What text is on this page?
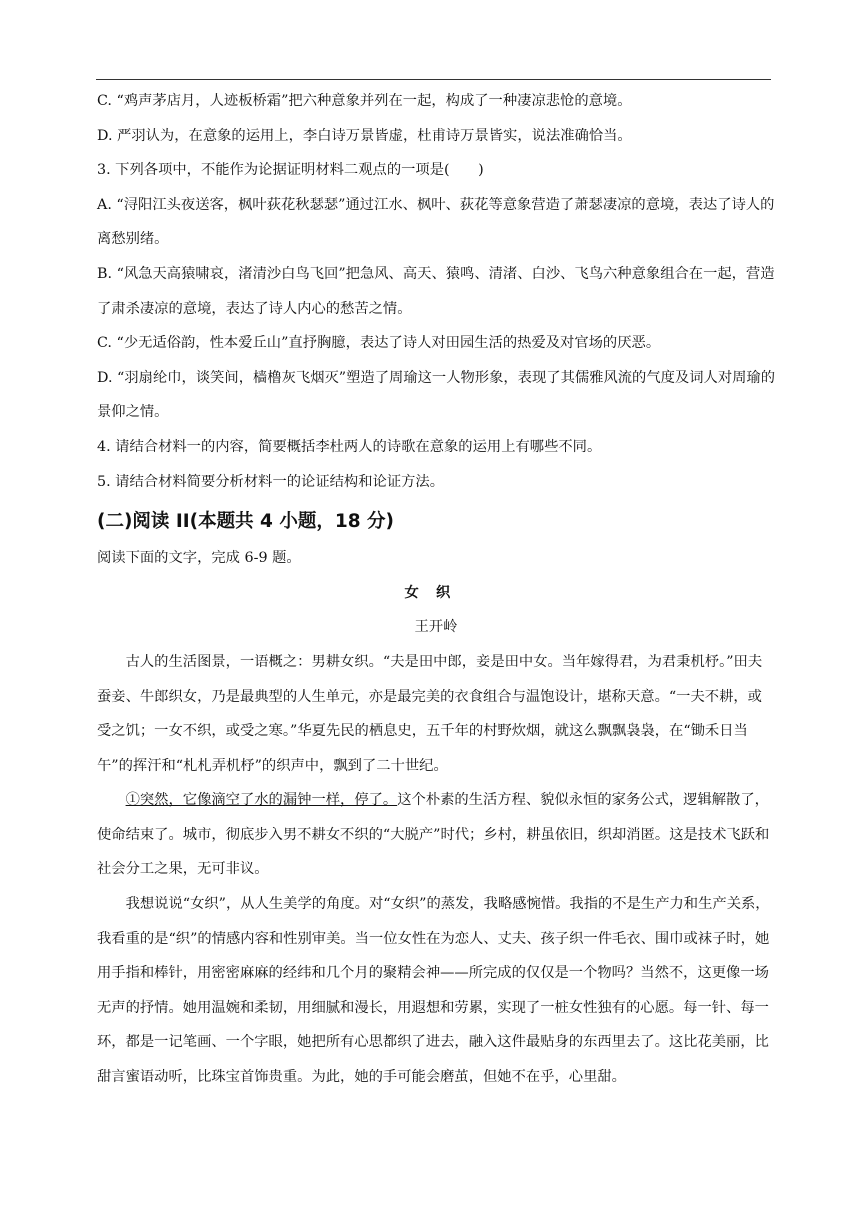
C. “鸡声茅店月，人迹板桥霜”把六种意象并列在一起，构成了一种凄凉悲怆的意境。

D. 严羽认为，在意象的运用上，李白诗万景皆虚，杜甫诗万景皆实，说法准确恰当。

3. 下列各项中，不能作为论据证明材料二观点的一项是(　　)

A. “浔阳江头夜送客，枫叶荻花秋瑟瑟”通过江水、枫叶、荻花等意象营造了萧瑟凄凉的意境，表达了诗人的离愁别绪。

B. “风急天高猿啸哀，渚清沙白鸟飞回”把急风、高天、猿鸣、清渚、白沙、飞鸟六种意象组合在一起，营造了肃杀凄凉的意境，表达了诗人内心的愁苦之情。

C. “少无适俗韵，性本爱丘山”直抒胸臆，表达了诗人对田园生活的热爱及对官场的厌恶。

D. “羽扇纶巾，谈笑间，樯橹灰飞烟灭”塑造了周瑜这一人物形象，表现了其儒雅风流的气度及词人对周瑜的景仰之情。

4. 请结合材料一的内容，简要概括李杜两人的诗歌在意象的运用上有哪些不同。

5. 请结合材料简要分析材料一的论证结构和论证方法。

(二)阅读 II(本题共 4 小题，18 分)

阅读下面的文字，完成 6-9 题。

女织

王开岭

古人的生活图景，一语概之：男耕女织。“夫是田中郎，妾是田中女。当年嫁得君，为君秉机杼。”田夫蚕妾、牛郎织女，乃是最典型的人生单元，亦是最完美的衣食组合与温饱设计，堪称天意。“一夫不耕，或受之饥；一女不织，或受之寒。”华夏先民的栖息史，五千年的村野炊烟，就这么飘飘袅袅，在“锄禾日当午”的挥汗和“札札弄机杼”的织声中，飘到了二十世纪。

①突然，它像滴空了水的漏钟一样，停了。这个朴素的生活方程、貌似永恒的家务公式，逻辑解散了，使命结束了。城市，彻底步入男不耕女不织的“大脱产”时代；乡村，耕虽依旧，织却消匿。这是技术飞跃和社会分工之果，无可非议。

我想说说“女织”，从人生美学的角度。对“女织”的蒸发，我略感惋惜。我指的不是生产力和生产关系，我看重的是“织”的情感内容和性别审美。当一位女性在为恋人、丈夫、孩子织一件毛衣、围巾或袜子时，她用手指和棒针，用密密麻麻的经纬和几个月的聚精会神——所完成的仅仅是一个物吗？当然不，这更像一场无声的抒情。她用温婉和柔韧，用细腻和漫长，用遐想和劳累，实现了一桩女性独有的心愿。每一针、每一环，都是一记笔画、一个字眼，她把所有心思都织了进去，融入这件最贴身的东西里去了。这比花美丽，比甜言蜜语动听，比珠宝首饰贵重。为此，她的手可能会磨茧，但她不在乎，心里甜。
